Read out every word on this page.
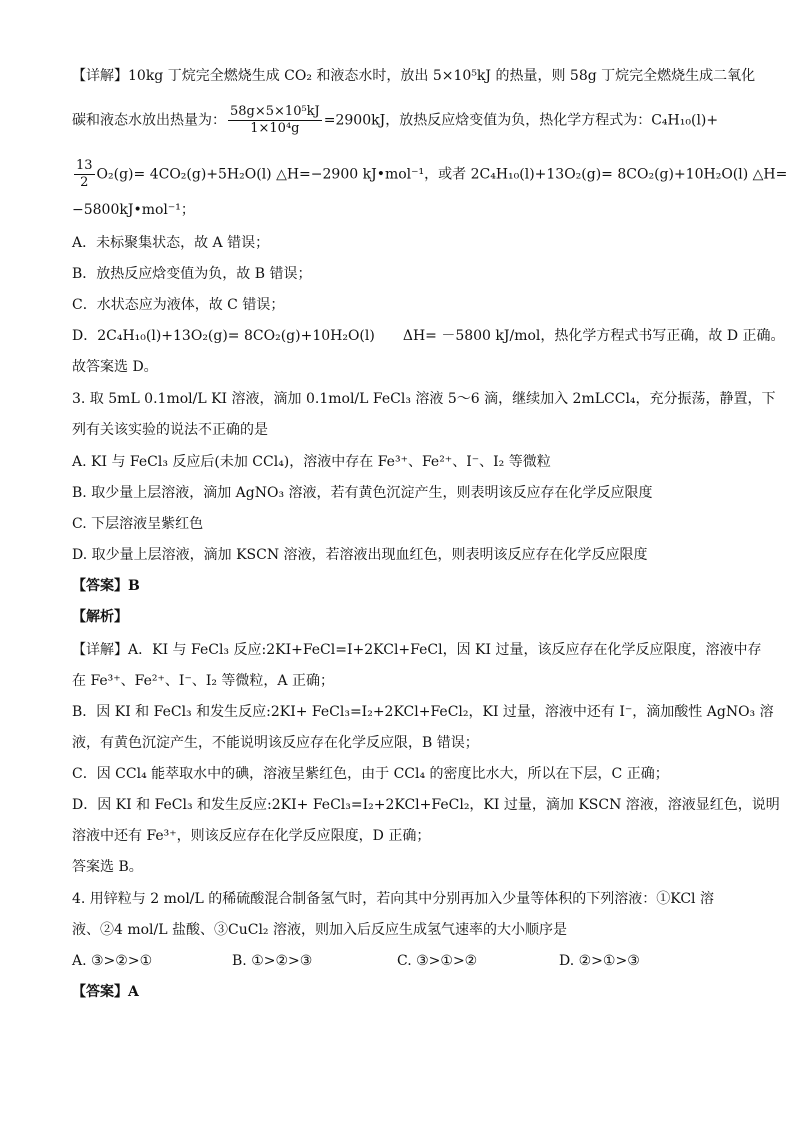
【详解】10kg 丁烷完全燃烧生成 CO₂ 和液态水时，放出 5×10⁵kJ 的热量，则 58g 丁烷完全燃烧生成二氧化
碳和液态水放出热量为： $\frac{\text{58g×5×10⁵kJ}}{\text{1×10⁴g}} =2900kJ$，放热反应焓变值为负，热化学方程式为：C₄H₁₀(l)+
$\frac{13}{2} O_2(g)= 4CO_2(g)+5H_2O(l)$ △H=−2900 kJ•mol⁻¹，或者 2C₄H₁₀(l)+13O₂(g)= 8CO₂(g)+10H₂O(l) △H=
−5800kJ•mol⁻¹；
A．未标聚集状态，故 A 错误；
B．放热反应焓变值为负，故 B 错误；
C．水状态应为液体，故 C 错误；
D．2C₄H₁₀(l)+13O₂(g)= 8CO₂(g)+10H₂O(l)　　ΔH= －5800 kJ/mol，热化学方程式书写正确，故 D 正确。
故答案选 D。
3. 取 5mL 0.1mol/L KI 溶液，滴加 0.1mol/L FeCl₃ 溶液 5～6 滴，继续加入 2mLCCl₄，充分振荡，静置，下
列有关该实验的说法不正确的是
A. KI 与 FeCl₃ 反应后(未加 CCl₄)，溶液中存在 Fe³⁺、Fe²⁺、I⁻、I₂ 等微粒
B. 取少量上层溶液，滴加 AgNO₃ 溶液，若有黄色沉淀产生，则表明该反应存在化学反应限度
C. 下层溶液呈紫红色
D. 取少量上层溶液，滴加 KSCN 溶液，若溶液出现血红色，则表明该反应存在化学反应限度
【答案】B
【解析】
【详解】A．KI 与 FeCl₃ 反应:2KI+FeCl=I+2KCl+FeCl，因 KI 过量，该反应存在化学反应限度，溶液中存
在 Fe³⁺、Fe²⁺、I⁻、I₂ 等微粒，A 正确；
B．因 KI 和 FeCl₃ 和发生反应:2KI+ FeCl₃=I₂+2KCl+FeCl₂，KI 过量，溶液中还有 I⁻，滴加酸性 AgNO₃ 溶
液，有黄色沉淀产生，不能说明该反应存在化学反应限，B 错误；
C．因 CCl₄ 能萃取水中的碘，溶液呈紫红色，由于 CCl₄ 的密度比水大，所以在下层，C 正确；
D．因 KI 和 FeCl₃ 和发生反应:2KI+ FeCl₃=I₂+2KCl+FeCl₂，KI 过量，滴加 KSCN 溶液，溶液显红色，说明
溶液中还有 Fe³⁺，则该反应存在化学反应限度，D 正确；
答案选 B。
4. 用锌粒与 2 mol/L 的稀硫酸混合制备氢气时，若向其中分别再加入少量等体积的下列溶液：①KCl 溶
液、②4 mol/L 盐酸、③CuCl₂ 溶液，则加入后反应生成氢气速率的大小顺序是
A. ③>②>①	B. ①>②>③	C. ③>①>②	D. ②>①>③
【答案】A
